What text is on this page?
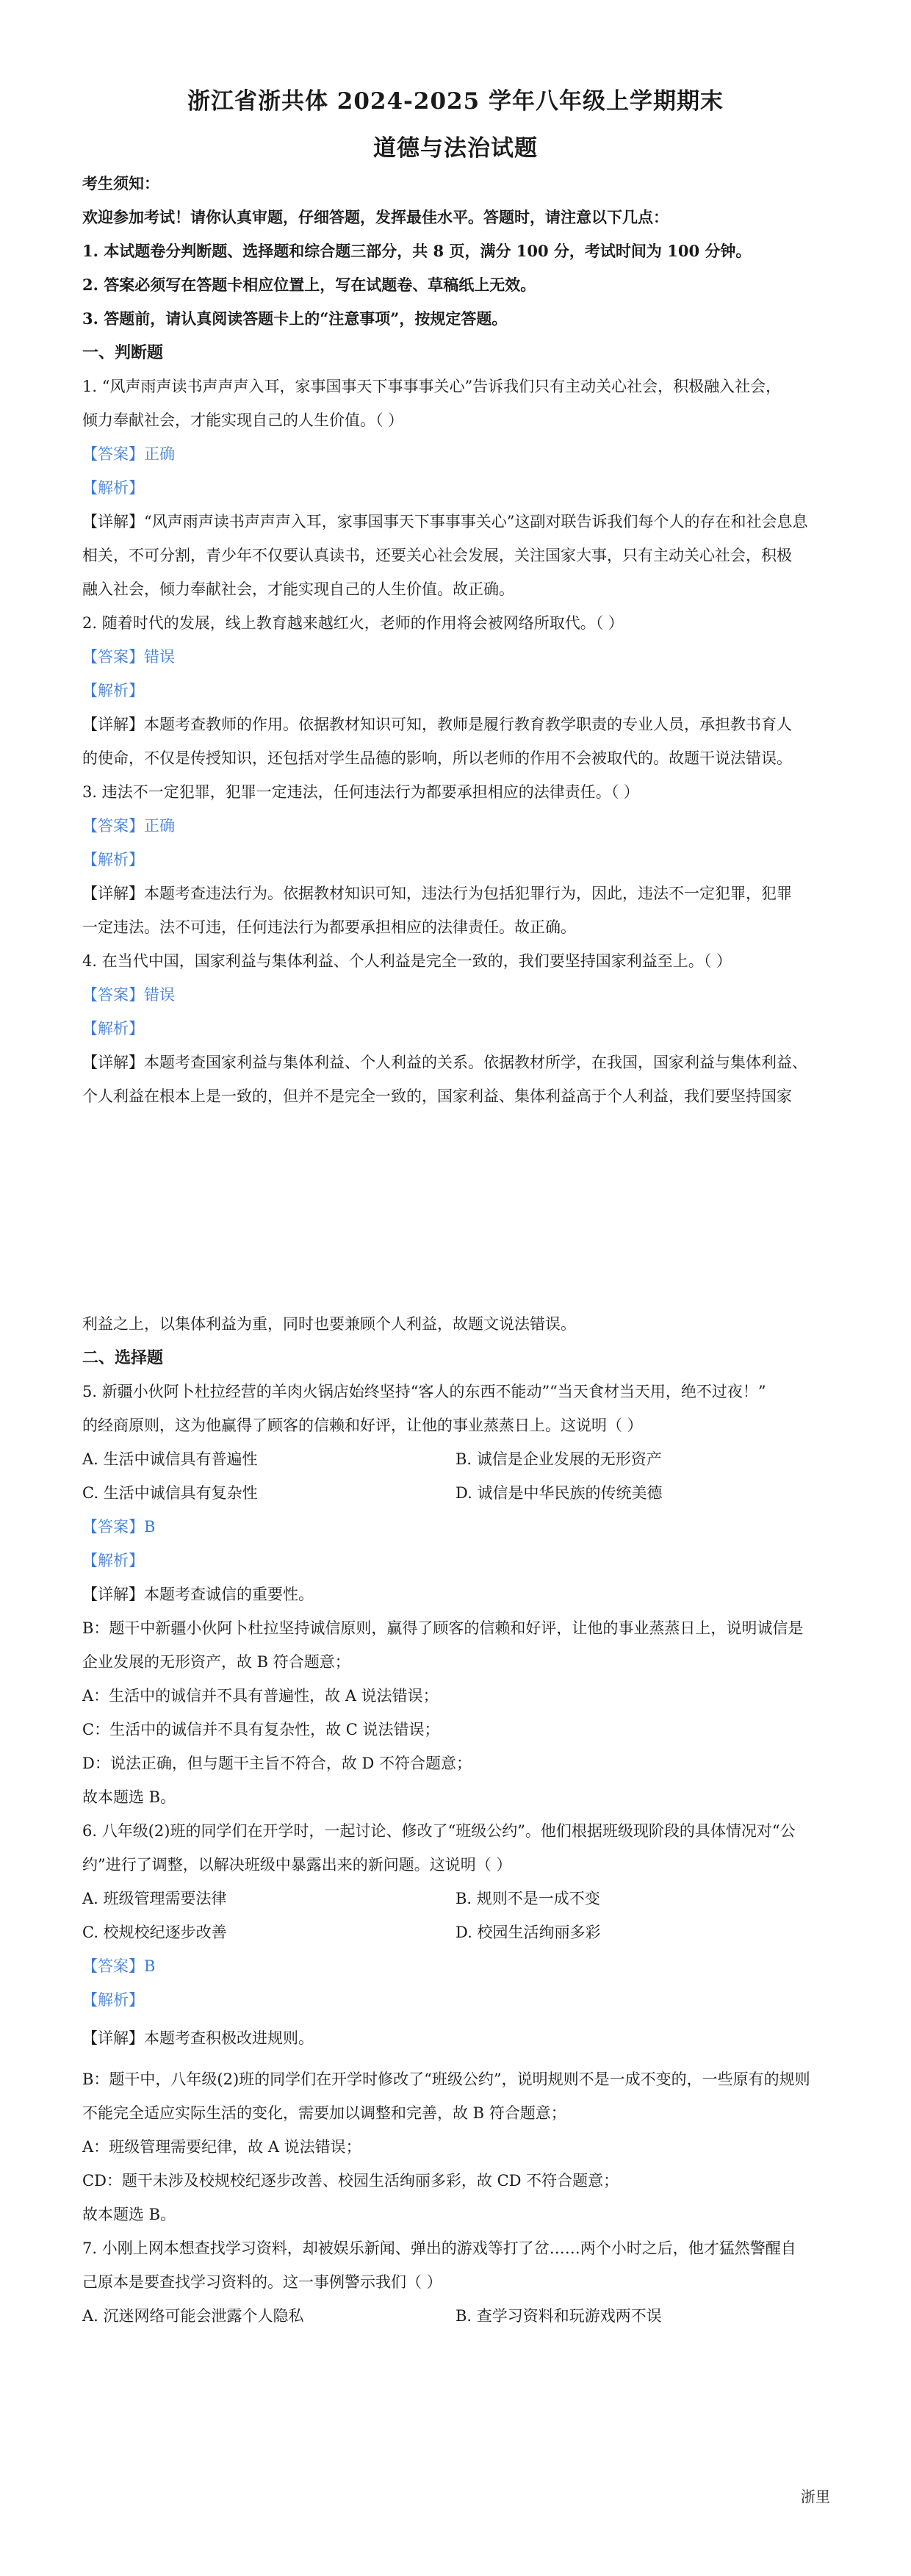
浙江省浙共体 2024-2025 学年八年级上学期期末
道德与法治试题
考生须知：
欢迎参加考试！请你认真审题，仔细答题，发挥最佳水平。答题时，请注意以下几点：
1. 本试题卷分判断题、选择题和综合题三部分，共 8 页，满分 100 分，考试时间为 100 分钟。
2. 答案必须写在答题卡相应位置上，写在试题卷、草稿纸上无效。
3. 答题前，请认真阅读答题卡上的“注意事项”，按规定答题。
一、判断题
1. “风声雨声读书声声声入耳，家事国事天下事事事关心”告诉我们只有主动关心社会，积极融入社会，
倾力奉献社会，才能实现自己的人生价值。（ ）
【答案】正确
【解析】
【详解】“风声雨声读书声声声入耳，家事国事天下事事事关心”这副对联告诉我们每个人的存在和社会息息
相关，不可分割，青少年不仅要认真读书，还要关心社会发展，关注国家大事，只有主动关心社会，积极
融入社会，倾力奉献社会，才能实现自己的人生价值。故正确。
2. 随着时代的发展，线上教育越来越红火，老师的作用将会被网络所取代。（ ）
【答案】错误
【解析】
【详解】本题考查教师的作用。依据教材知识可知，教师是履行教育教学职责的专业人员，承担教书育人
的使命，不仅是传授知识，还包括对学生品德的影响，所以老师的作用不会被取代的。故题干说法错误。
3. 违法不一定犯罪，犯罪一定违法，任何违法行为都要承担相应的法律责任。（ ）
【答案】正确
【解析】
【详解】本题考查违法行为。依据教材知识可知，违法行为包括犯罪行为，因此，违法不一定犯罪，犯罪
一定违法。法不可违，任何违法行为都要承担相应的法律责任。故正确。
4. 在当代中国，国家利益与集体利益、个人利益是完全一致的，我们要坚持国家利益至上。（ ）
【答案】错误
【解析】
【详解】本题考查国家利益与集体利益、个人利益的关系。依据教材所学，在我国，国家利益与集体利益、
个人利益在根本上是一致的，但并不是完全一致的，国家利益、集体利益高于个人利益，我们要坚持国家
利益之上，以集体利益为重，同时也要兼顾个人利益，故题文说法错误。
二、选择题
5. 新疆小伙阿卜杜拉经营的羊肉火锅店始终坚持“客人的东西不能动”“当天食材当天用，绝不过夜！”
的经商原则，这为他赢得了顾客的信赖和好评，让他的事业蒸蒸日上。这说明（ ）
A. 生活中诚信具有普遍性	B. 诚信是企业发展的无形资产
C. 生活中诚信具有复杂性	D. 诚信是中华民族的传统美德
【答案】B
【解析】
【详解】本题考查诚信的重要性。
B：题干中新疆小伙阿卜杜拉坚持诚信原则，赢得了顾客的信赖和好评，让他的事业蒸蒸日上，说明诚信是
企业发展的无形资产，故 B 符合题意；
A：生活中的诚信并不具有普遍性，故 A 说法错误；
C：生活中的诚信并不具有复杂性，故 C 说法错误；
D：说法正确，但与题干主旨不符合，故 D 不符合题意；
故本题选 B。
6. 八年级(2)班的同学们在开学时，一起讨论、修改了“班级公约”。他们根据班级现阶段的具体情况对“公
约”进行了调整，以解决班级中暴露出来的新问题。这说明（ ）
A. 班级管理需要法律	B. 规则不是一成不变
C. 校规校纪逐步改善	D. 校园生活绚丽多彩
【答案】B
【解析】
【详解】本题考查积极改进规则。
B：题干中，八年级(2)班的同学们在开学时修改了“班级公约”，说明规则不是一成不变的，一些原有的规则
不能完全适应实际生活的变化，需要加以调整和完善，故 B 符合题意；
A：班级管理需要纪律，故 A 说法错误；
CD：题干未涉及校规校纪逐步改善、校园生活绚丽多彩，故 CD 不符合题意；
故本题选 B。
7. 小刚上网本想查找学习资料，却被娱乐新闻、弹出的游戏等打了岔……两个小时之后，他才猛然警醒自
己原本是要查找学习资料的。这一事例警示我们（ ）
A. 沉迷网络可能会泄露个人隐私	B. 查学习资料和玩游戏两不误
浙里
